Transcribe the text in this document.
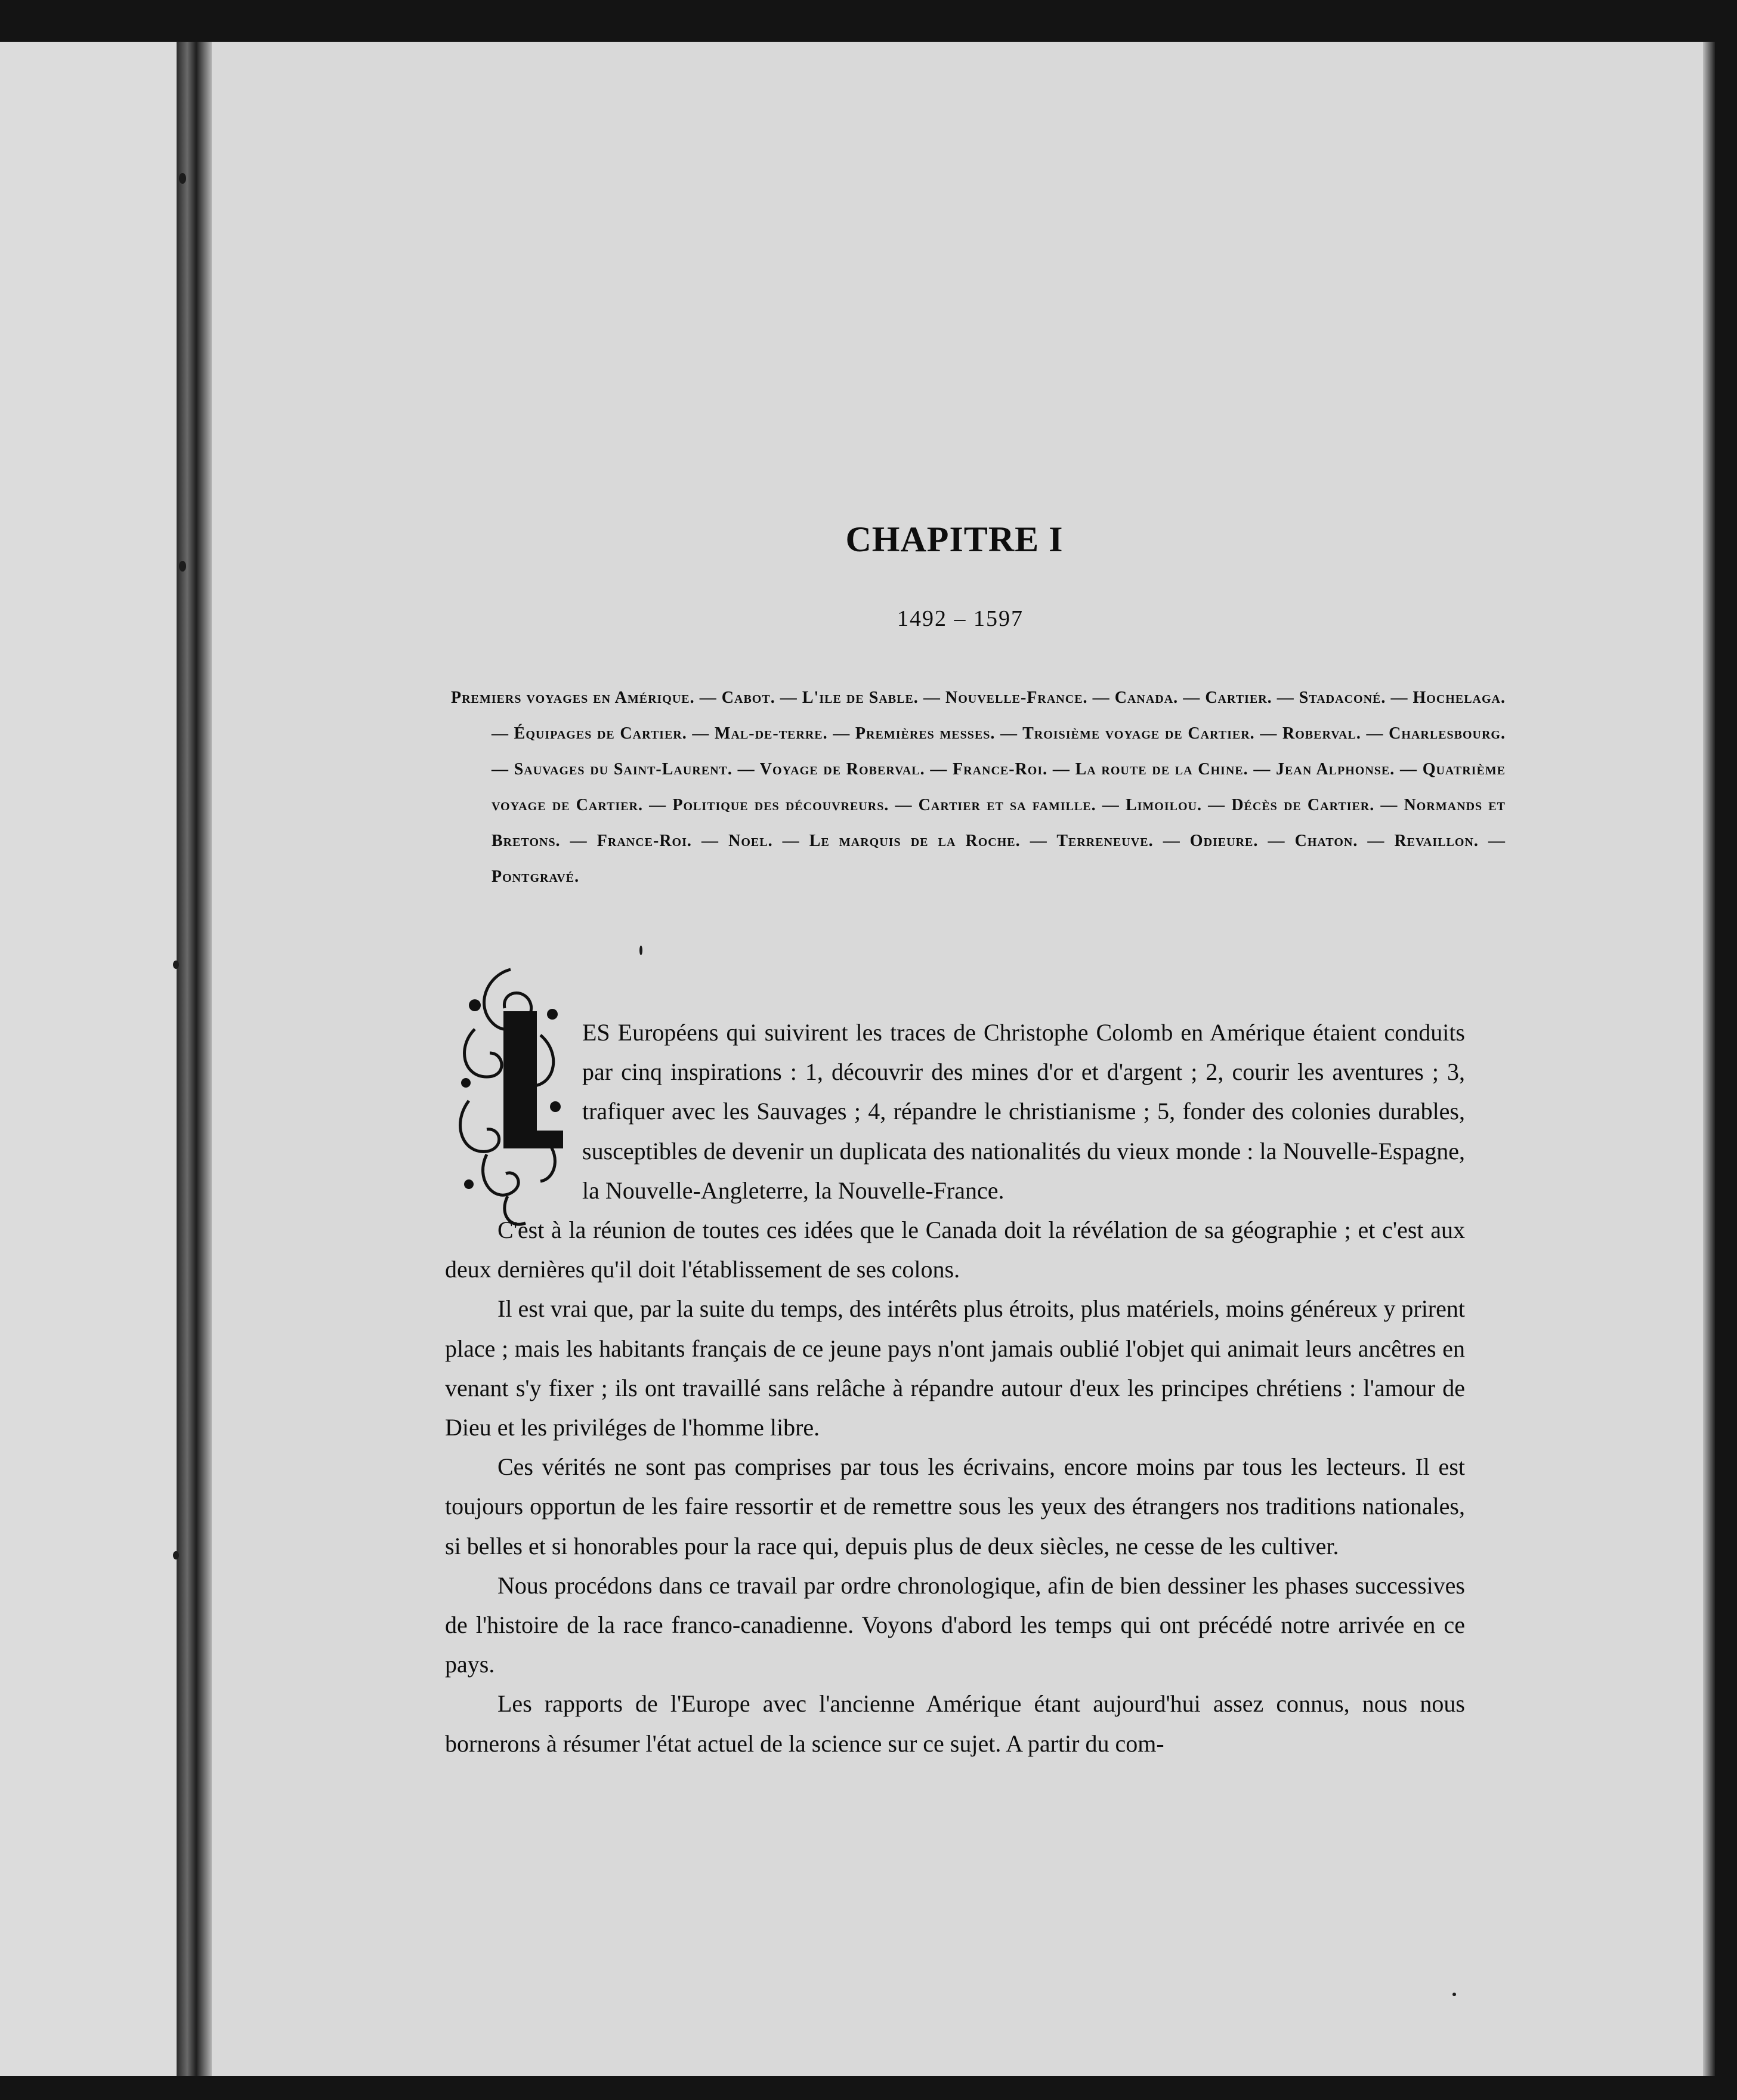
CHAPITRE I
1492 – 1597
Premiers voyages en Amérique. — Cabot. — L'ile de Sable. — Nouvelle-France. — Canada. — Cartier. — Stadaconé. — Hochelaga. — Équipages de Cartier. — Mal-de-terre. — Premières messes. — Troisième voyage de Cartier. — Roberval. — Charlesbourg. — Sauvages du Saint-Laurent. — Voyage de Roberval. — France-Roi. — La route de la Chine. — Jean Alphonse. — Quatrième voyage de Cartier. — Politique des découvreurs. — Cartier et sa famille. — Limoilou. — Décès de Cartier. — Normands et Bretons. — France-Roi. — Noel. — Le marquis de la Roche. — Terreneuve. — Odieure. — Chaton. — Revaillon. — Pontgravé.

ES Européens qui suivirent les traces de Christophe Colomb en Amérique étaient conduits par cinq inspirations : 1, découvrir des mines d'or et d'argent ; 2, courir les aventures ; 3, trafiquer avec les Sauvages ; 4, répandre le christianisme ; 5, fonder des colonies durables, susceptibles de devenir un duplicata des nationalités du vieux monde : la Nouvelle-Espagne, la Nouvelle-Angleterre, la Nouvelle-France.

C'est à la réunion de toutes ces idées que le Canada doit la révélation de sa géographie ; et c'est aux deux dernières qu'il doit l'établissement de ses colons.

Il est vrai que, par la suite du temps, des intérêts plus étroits, plus matériels, moins généreux y prirent place ; mais les habitants français de ce jeune pays n'ont jamais oublié l'objet qui animait leurs ancêtres en venant s'y fixer ; ils ont travaillé sans relâche à répandre autour d'eux les principes chrétiens : l'amour de Dieu et les priviléges de l'homme libre.

Ces vérités ne sont pas comprises par tous les écrivains, encore moins par tous les lecteurs. Il est toujours opportun de les faire ressortir et de remettre sous les yeux des étrangers nos traditions nationales, si belles et si honorables pour la race qui, depuis plus de deux siècles, ne cesse de les cultiver.

Nous procédons dans ce travail par ordre chronologique, afin de bien dessiner les phases successives de l'histoire de la race franco-canadienne. Voyons d'abord les temps qui ont précédé notre arrivée en ce pays.

Les rapports de l'Europe avec l'ancienne Amérique étant aujourd'hui assez connus, nous nous bornerons à résumer l'état actuel de la science sur ce sujet. A partir du com-
